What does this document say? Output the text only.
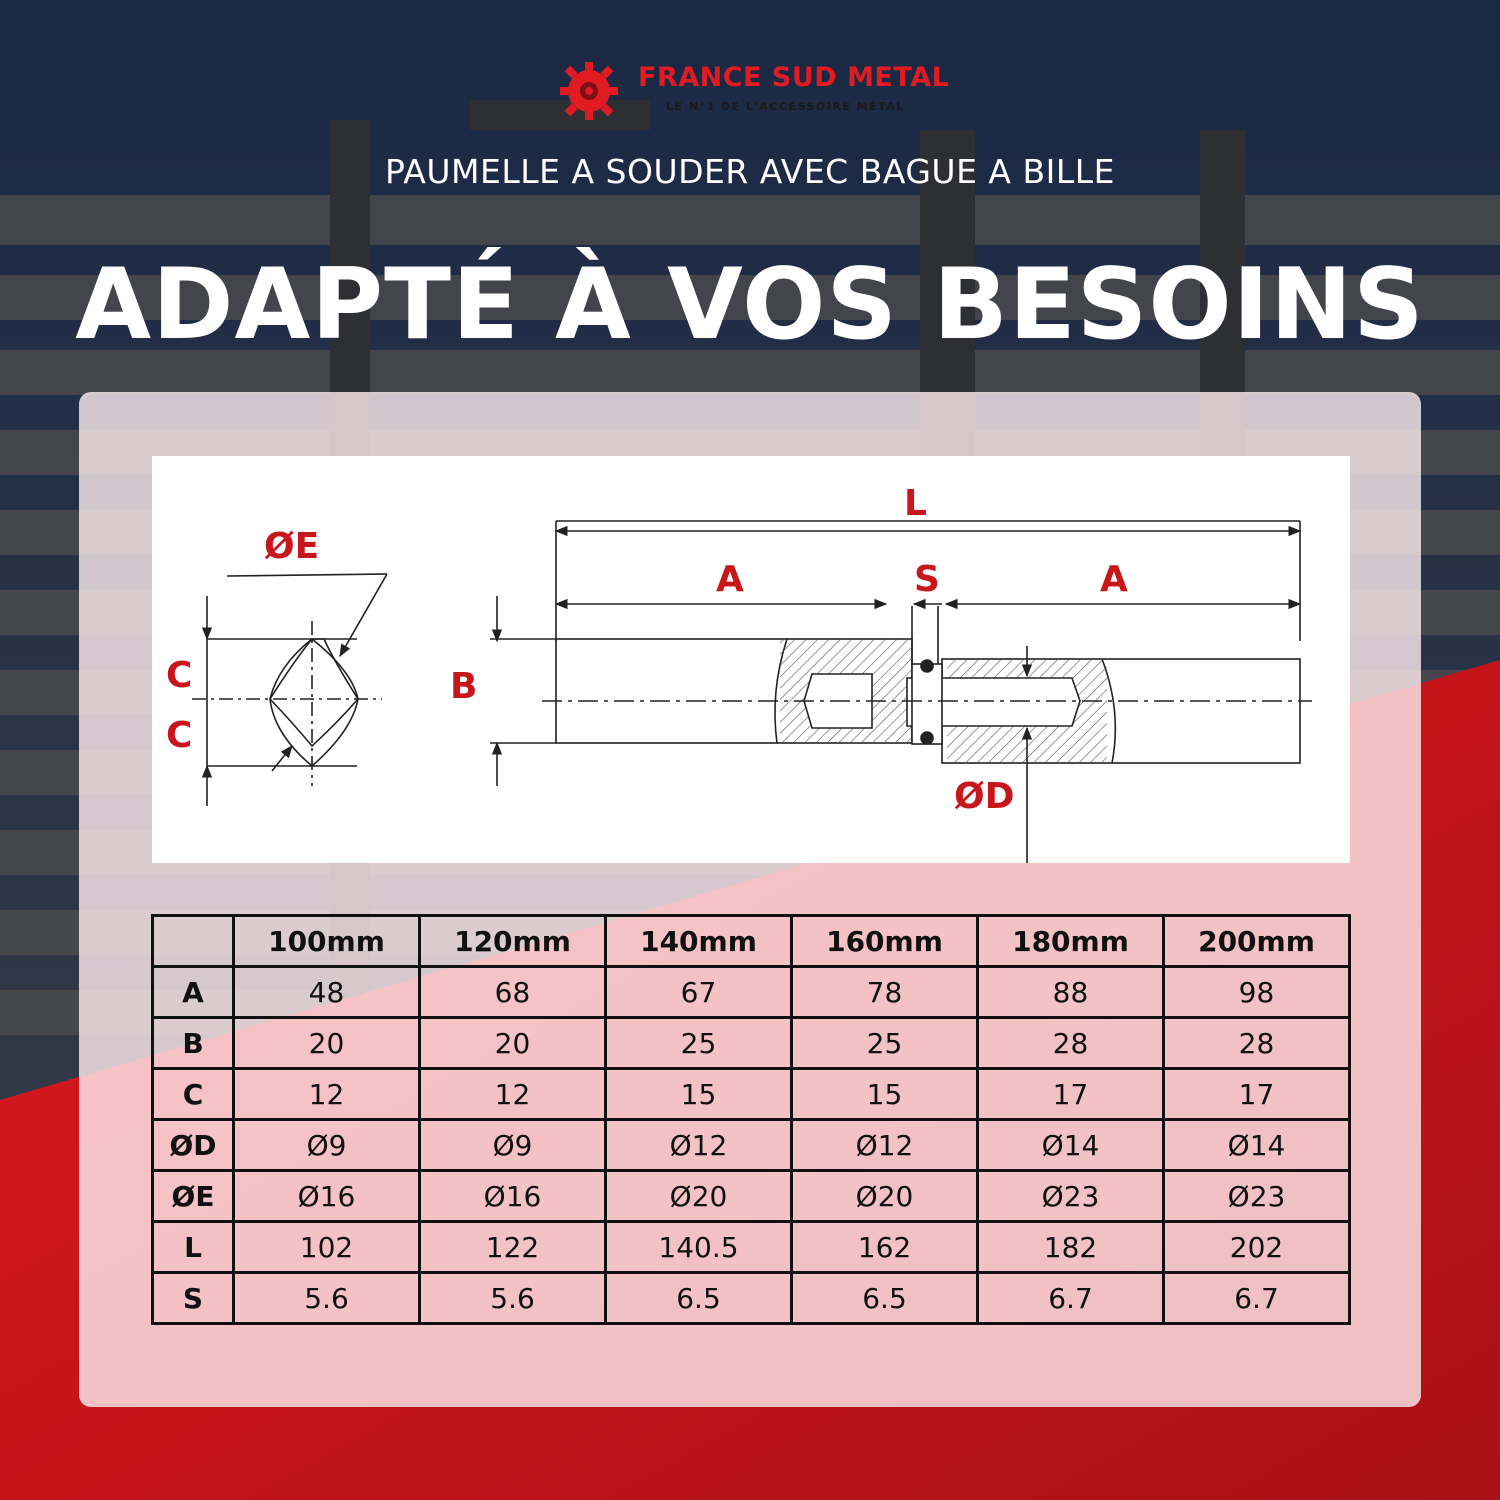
FRANCE SUD METAL
LE N°1 DE L'ACCESSOIRE MÉTAL
PAUMELLE A SOUDER AVEC BAGUE A BILLE
ADAPTÉ À VOS BESOINS
ØE
C
C
B
L
A	S	A
ØD
	100mm	120mm	140mm	160mm	180mm	200mm
A	48	68	67	78	88	98
B	20	20	25	25	28	28
C	12	12	15	15	17	17
ØD	Ø9	Ø9	Ø12	Ø12	Ø14	Ø14
ØE	Ø16	Ø16	Ø20	Ø20	Ø23	Ø23
L	102	122	140.5	162	182	202
S	5.6	5.6	6.5	6.5	6.7	6.7
